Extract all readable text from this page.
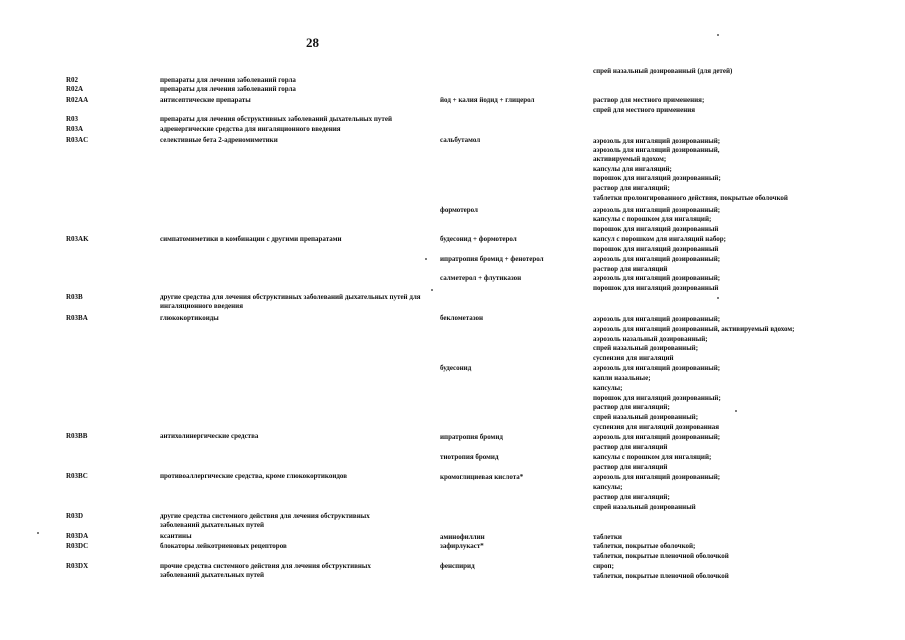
28
спрей назальный дозированный (для детей)
R02	препараты для лечения заболеваний горла
R02A	препараты для лечения заболеваний горла
R02AA	антисептические препараты	йод + калия йодид + глицерол	раствор для местного применения;
спрей для местного применения
R03	препараты для лечения обструктивных заболеваний дыхательных путей
R03A	адренергические средства для ингаляционного введения
R03AC	селективные бета 2-адреномиметики	сальбутамол	аэрозоль для ингаляций дозированный;
аэрозоль для ингаляций дозированный,
активируемый вдохом;
капсулы для ингаляций;
порошок для ингаляций дозированный;
раствор для ингаляций;
таблетки пролонгированного действия, покрытые оболочкой
формотерол	аэрозоль для ингаляций дозированный;
капсулы с порошком для ингаляций;
порошок для ингаляций дозированный
R03AK	симпатомиметики в комбинации с другими препаратами	будесонид + формотерол	капсул с порошком для ингаляций набор;
порошок для ингаляций дозированный
ипратропия бромид + фенотерол	аэрозоль для ингаляций дозированный;
раствор для ингаляций
салметерол + флутиказон	аэрозоль для ингаляций дозированный;
порошок для ингаляций дозированный
R03B	другие средства для лечения обструктивных заболеваний дыхательных путей для ингаляционного введения
R03BA	глюкокортикоиды	беклометазон	аэрозоль для ингаляций дозированный;
аэрозоль для ингаляций дозированный, активируемый вдохом;
аэрозоль назальный дозированный;
спрей назальный дозированный;
суспензия для ингаляций
будесонид	аэрозоль для ингаляций дозированный;
капли назальные;
капсулы;
порошок для ингаляций дозированный;
раствор для ингаляций;
спрей назальный дозированный;
суспензия для ингаляций дозированная
R03BB	антихолинергические средства	ипратропия бромид	аэрозоль для ингаляций дозированный;
раствор для ингаляций
тиотропия бромид	капсулы с порошком для ингаляций;
раствор для ингаляций
R03BC	противоаллергические средства, кроме глюкокортикоидов	кромоглициевая кислота*	аэрозоль для ингаляций дозированный;
капсулы;
раствор для ингаляций;
спрей назальный дозированный
R03D	другие средства системного действия для лечения обструктивных заболеваний дыхательных путей
R03DA	ксантины	аминофиллин	таблетки
R03DC	блокаторы лейкотриеновых рецепторов	зафирлукаст*	таблетки, покрытые оболочкой;
таблетки, покрытые пленочной оболочкой
R03DX	прочие средства системного действия для лечения обструктивных заболеваний дыхательных путей
фенспирид	сироп;
таблетки, покрытые пленочной оболочкой
